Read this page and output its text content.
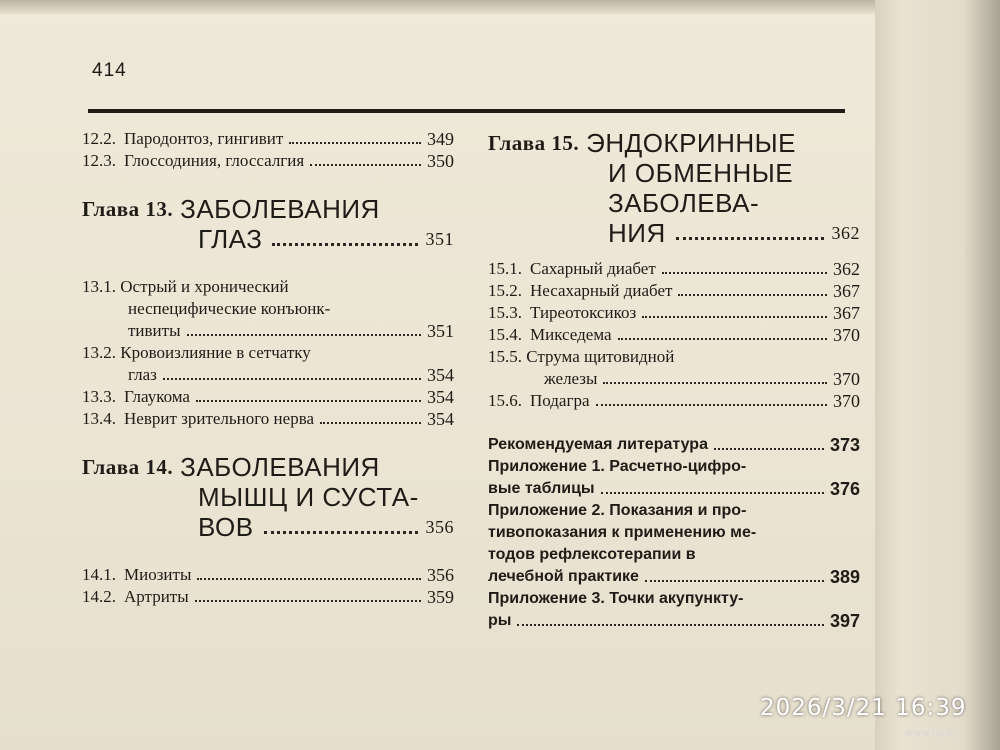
414
12.2. Пародонтоз, гингивит	349
12.3. Глоссодиния, глоссалгия	350
Глава 13.
ЗАБОЛЕВАНИЯ
ГЛАЗ	351
13.1. Острый и хронический
неспецифические конъюнк-
тивиты	351
13.2. Кровоизлияние в сетчатку
глаз	354
13.3. Глаукома	354
13.4. Неврит зрительного нерва	354
Глава 14.
ЗАБОЛЕВАНИЯ
МЫШЦ И СУСТА-
ВОВ	356
14.1. Миозиты	356
14.2. Артриты	359
Глава 15.
ЭНДОКРИННЫЕ
И ОБМЕННЫЕ
ЗАБОЛЕВА-
НИЯ	362
15.1. Сахарный диабет	362
15.2. Несахарный диабет	367
15.3. Тиреотоксикоз	367
15.4. Микседема	370
15.5. Струма щитовидной
железы	370
15.6. Подагра	370
Рекомендуемая литература	373
Приложение 1. Расчетно-цифро-
вые таблицы	376
Приложение 2. Показания и про-
тивопоказания к применению ме-
тодов рефлексотерапии в
лечебной практике	389
Приложение 3. Точки акупункту-
ры	397
2026/3/21 16:39
www.by.by
